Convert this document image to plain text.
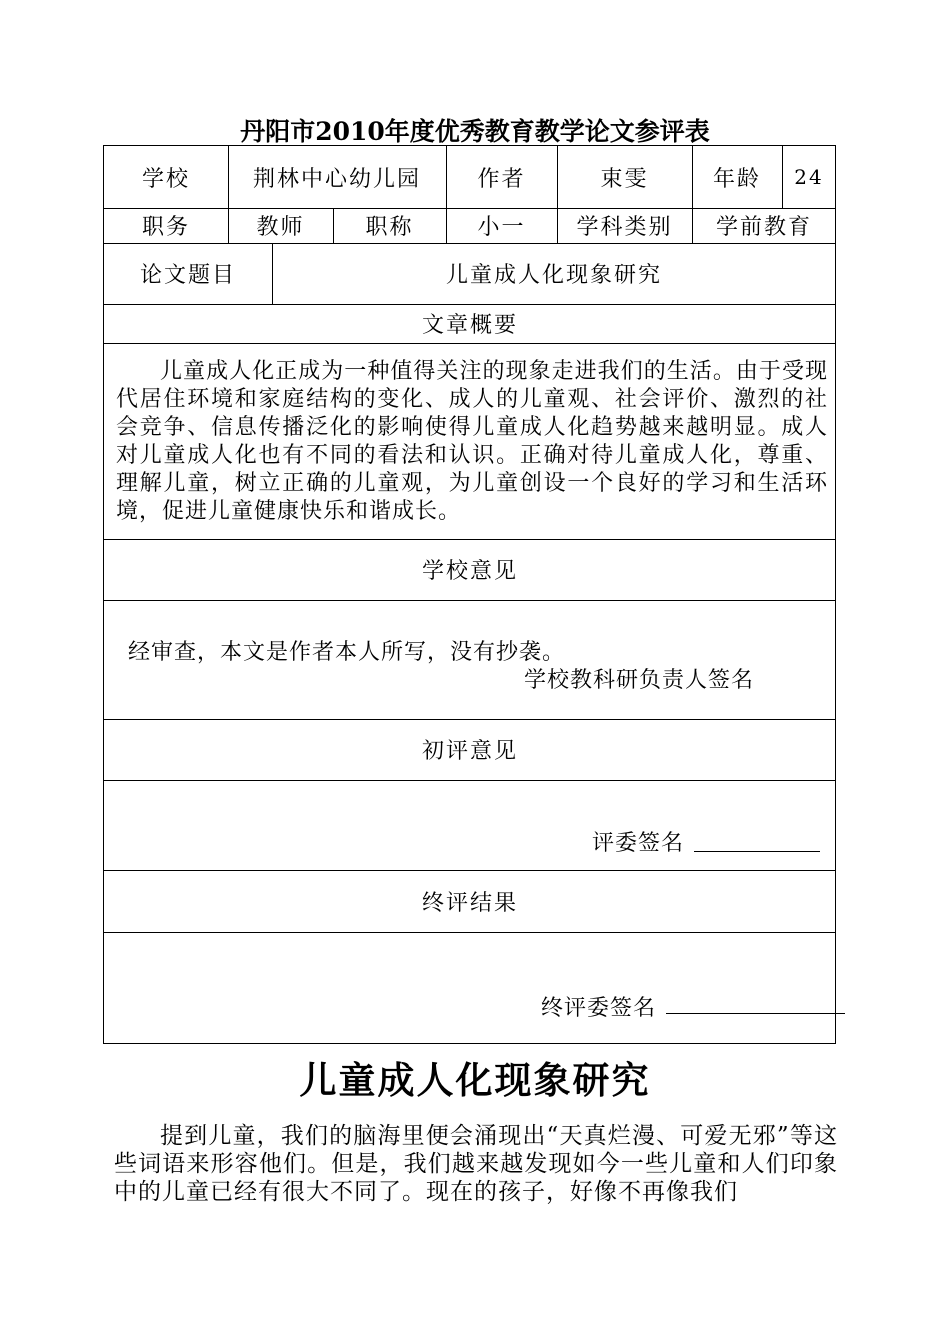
丹阳市2010年度优秀教育教学论文参评表
学校	荆林中心幼儿园	作者	束雯	年龄	24
职务	教师	职称	小一	学科类别	学前教育
论文题目	儿童成人化现象研究
文章概要
儿童成人化正成为一种值得关注的现象走进我们的生活。由于受现代居住环境和家庭结构的变化、成人的儿童观、社会评价、激烈的社会竞争、信息传播泛化的影响使得儿童成人化趋势越来越明显。成人对儿童成人化也有不同的看法和认识。正确对待儿童成人化，尊重、理解儿童，树立正确的儿童观，为儿童创设一个良好的学习和生活环境，促进儿童健康快乐和谐成长。
学校意见
经审查，本文是作者本人所写，没有抄袭。
学校教科研负责人签名
初评意见
评委签名
终评结果
终评委签名
儿童成人化现象研究
提到儿童，我们的脑海里便会涌现出“天真烂漫、可爱无邪”等这些词语来形容他们。但是，我们越来越发现如今一些儿童和人们印象中的儿童已经有很大不同了。现在的孩子，好像不再像我们
